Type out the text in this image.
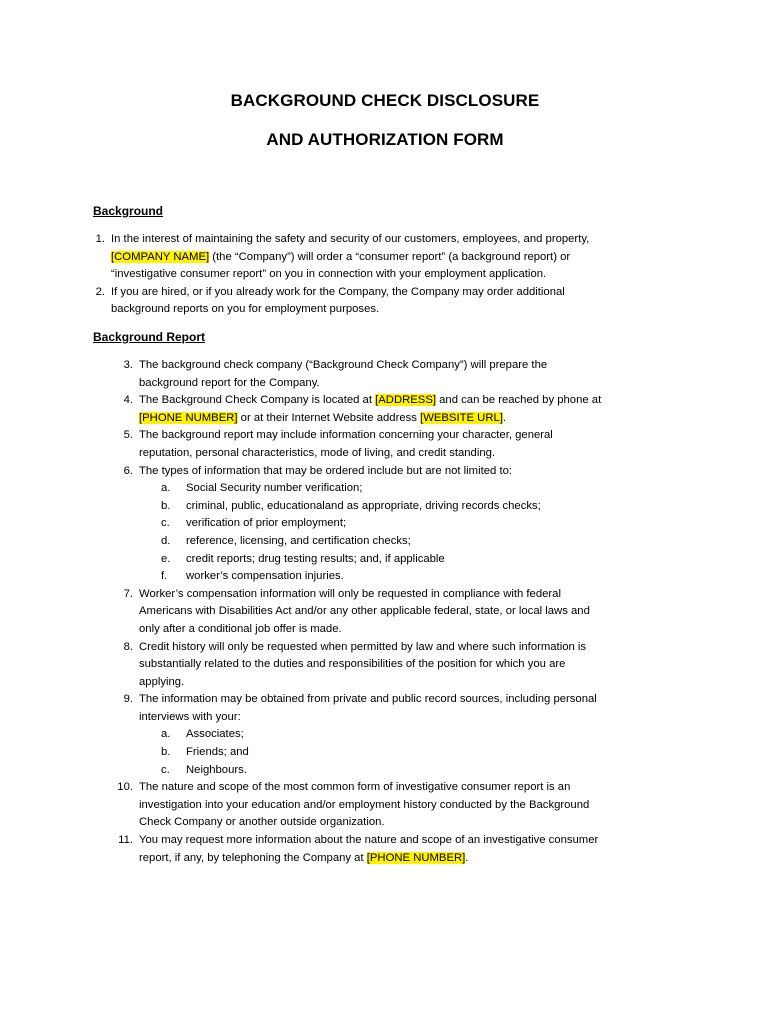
BACKGROUND CHECK DISCLOSURE
AND AUTHORIZATION FORM
Background
1. In the interest of maintaining the safety and security of our customers, employees, and property,
[COMPANY NAME] (the “Company”) will order a “consumer report” (a background report) or
“investigative consumer report” on you in connection with your employment application.
2. If you are hired, or if you already work for the Company, the Company may order additional
background reports on you for employment purposes.
Background Report
3. The background check company (“Background Check Company”) will prepare the
background report for the Company.
4. The Background Check Company is located at [ADDRESS] and can be reached by phone at
[PHONE NUMBER] or at their Internet Website address [WEBSITE URL].
5. The background report may include information concerning your character, general
reputation, personal characteristics, mode of living, and credit standing.
6. The types of information that may be ordered include but are not limited to:
a. Social Security number verification;
b. criminal, public, educationaland as appropriate, driving records checks;
c. verification of prior employment;
d. reference, licensing, and certification checks;
e. credit reports; drug testing results; and, if applicable
f. worker’s compensation injuries.
7. Worker’s compensation information will only be requested in compliance with federal
Americans with Disabilities Act and/or any other applicable federal, state, or local laws and
only after a conditional job offer is made.
8. Credit history will only be requested when permitted by law and where such information is
substantially related to the duties and responsibilities of the position for which you are
applying.
9. The information may be obtained from private and public record sources, including personal
interviews with your:
a. Associates;
b. Friends; and
c. Neighbours.
10. The nature and scope of the most common form of investigative consumer report is an
investigation into your education and/or employment history conducted by the Background
Check Company or another outside organization.
11. You may request more information about the nature and scope of an investigative consumer
report, if any, by telephoning the Company at [PHONE NUMBER].
